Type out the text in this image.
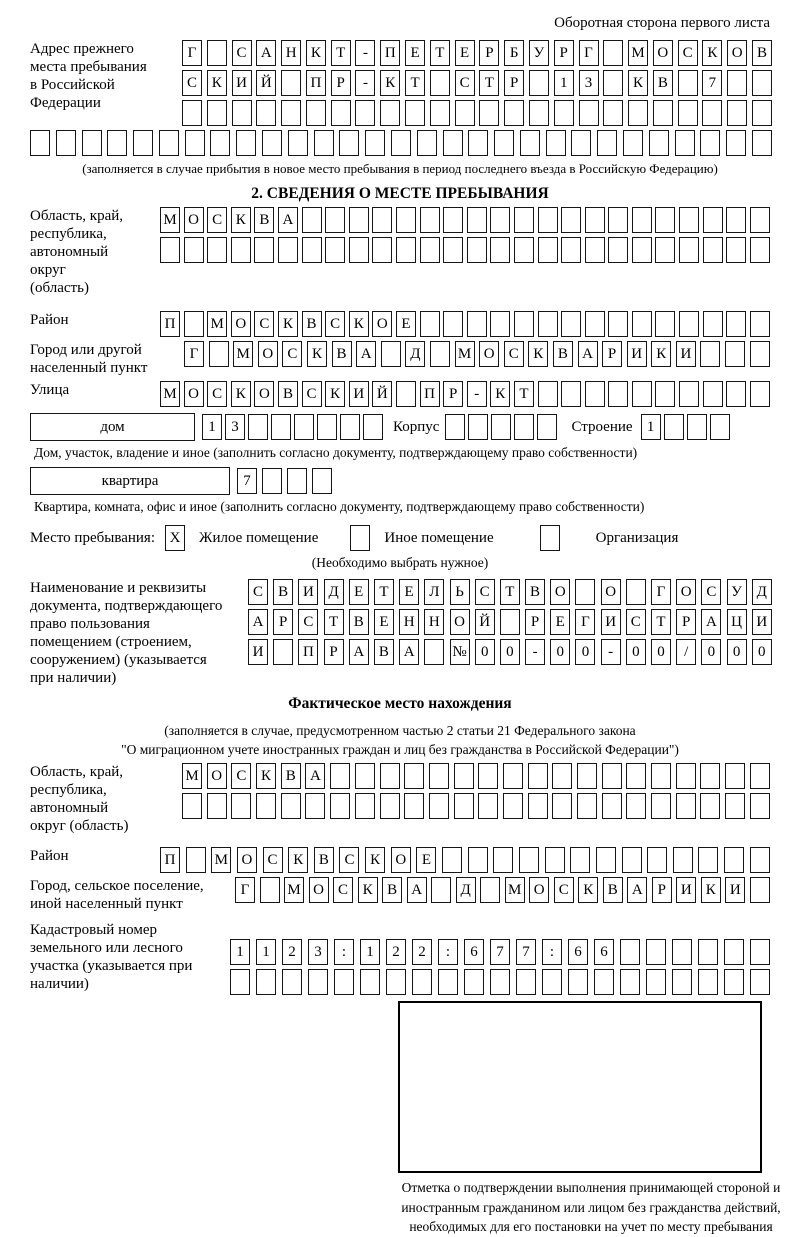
Оборотная сторона первого листа
Адрес прежнего места пребывания в Российской Федерации
Г	С А Н К	Т	-	П Е	Т	Е	Р	Б	У	Р	Г	М О С К О В
С К И Й	П	Р	-	К	Т	С	Т	Р	1	3	К В	7
(заполняется в случае прибытия в новое место пребывания в период последнего въезда в Российскую Федерацию)
2. СВЕДЕНИЯ О МЕСТЕ ПРЕБЫВАНИЯ
Область, край, республика, автономный округ (область)
М О С К В А
Район	П	М О С К В С К О Е
Город или другой населенный пункт
Г	М О С К В А	Д	М О С К В А	Р	И К И
Улица	М О С К О В С К И Й	П Р	-	К Т
дом	1	3	Корпус	Строение 1
Дом, участок, владение и иное (заполнить согласно документу, подтверждающему право собственности)
квартира	7
Квартира, комната, офис и иное (заполнить согласно документу, подтверждающему право собственности)
Место пребывания: X	Жилое помещение	Иное помещение	Организация
(Необходимо выбрать нужное)
Наименование и реквизиты документа, подтверждающего право пользования помещением (строением, сооружением) (указывается при наличии)
С	В И Д	Е	Т	Е	Л	Ь	С	Т	В О	О	Г	О С У Д
А	Р	С	Т	В	Е	Н Н О Й	Р	Е	Г	И С	Т	Р	А Ц И
И	П	Р	А В А	№ 0	0	-	0	0	-	0	0	/	0	0	0
Фактическое место нахождения
(заполняется в случае, предусмотренном частью 2 статьи 21 Федерального закона
"О миграционном учете иностранных граждан и лиц без гражданства в Российской Федерации")
Область, край, республика, автономный округ (область)
М О С К В А
Район	П	М О	С	К	В	С	К	О	Е
Город, сельское поселение, иной населенный пункт
Г	М О С К В А	Д	М О С К В А Р И К И
Кадастровый номер земельного или лесного участка (указывается при наличии)
1	1	2	3	:	1	2	2	:	6	7	7	:	6	6
Отметка о подтверждении выполнения принимающей стороной и иностранным гражданином или лицом без гражданства действий, необходимых для его постановки на учет по месту пребывания
